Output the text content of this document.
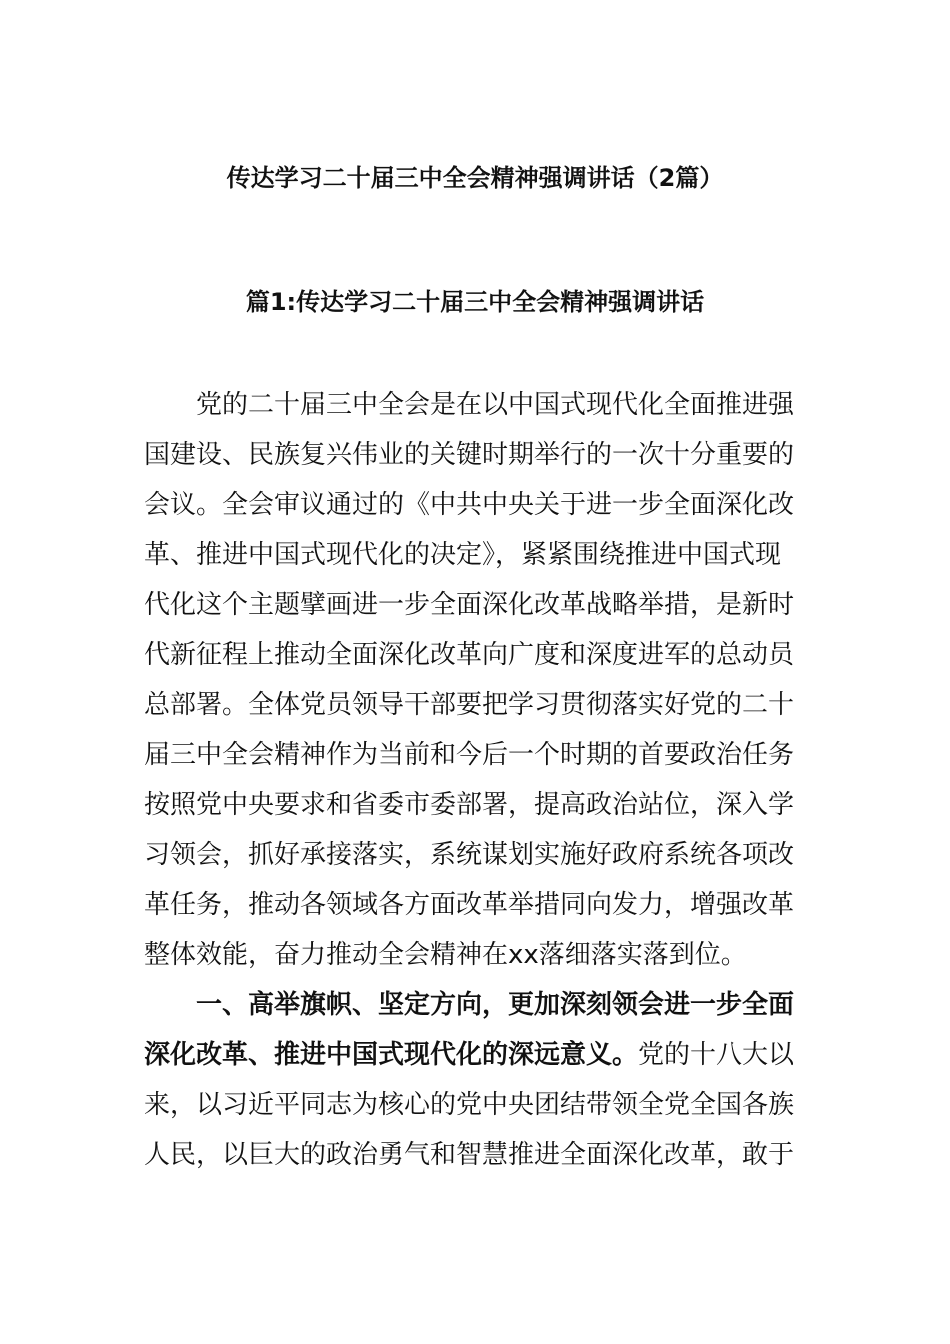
传达学习二十届三中全会精神强调讲话（2篇）
篇1:传达学习二十届三中全会精神强调讲话
党的二十届三中全会是在以中国式现代化全面推进强
国建设、民族复兴伟业的关键时期举行的一次十分重要的
会议。全会审议通过的《中共中央关于进一步全面深化改
革、推进中国式现代化的决定》，紧紧围绕推进中国式现
代化这个主题擘画进一步全面深化改革战略举措，是新时
代新征程上推动全面深化改革向广度和深度进军的总动员
总部署。全体党员领导干部要把学习贯彻落实好党的二十
届三中全会精神作为当前和今后一个时期的首要政治任务
按照党中央要求和省委市委部署，提高政治站位，深入学
习领会，抓好承接落实，系统谋划实施好政府系统各项改
革任务，推动各领域各方面改革举措同向发力，增强改革
整体效能，奋力推动全会精神在xx落细落实落到位。
一、高举旗帜、坚定方向，更加深刻领会进一步全面
深化改革、推进中国式现代化的深远意义。党的十八大以
来，以习近平同志为核心的党中央团结带领全党全国各族
人民，以巨大的政治勇气和智慧推进全面深化改革，敢于
